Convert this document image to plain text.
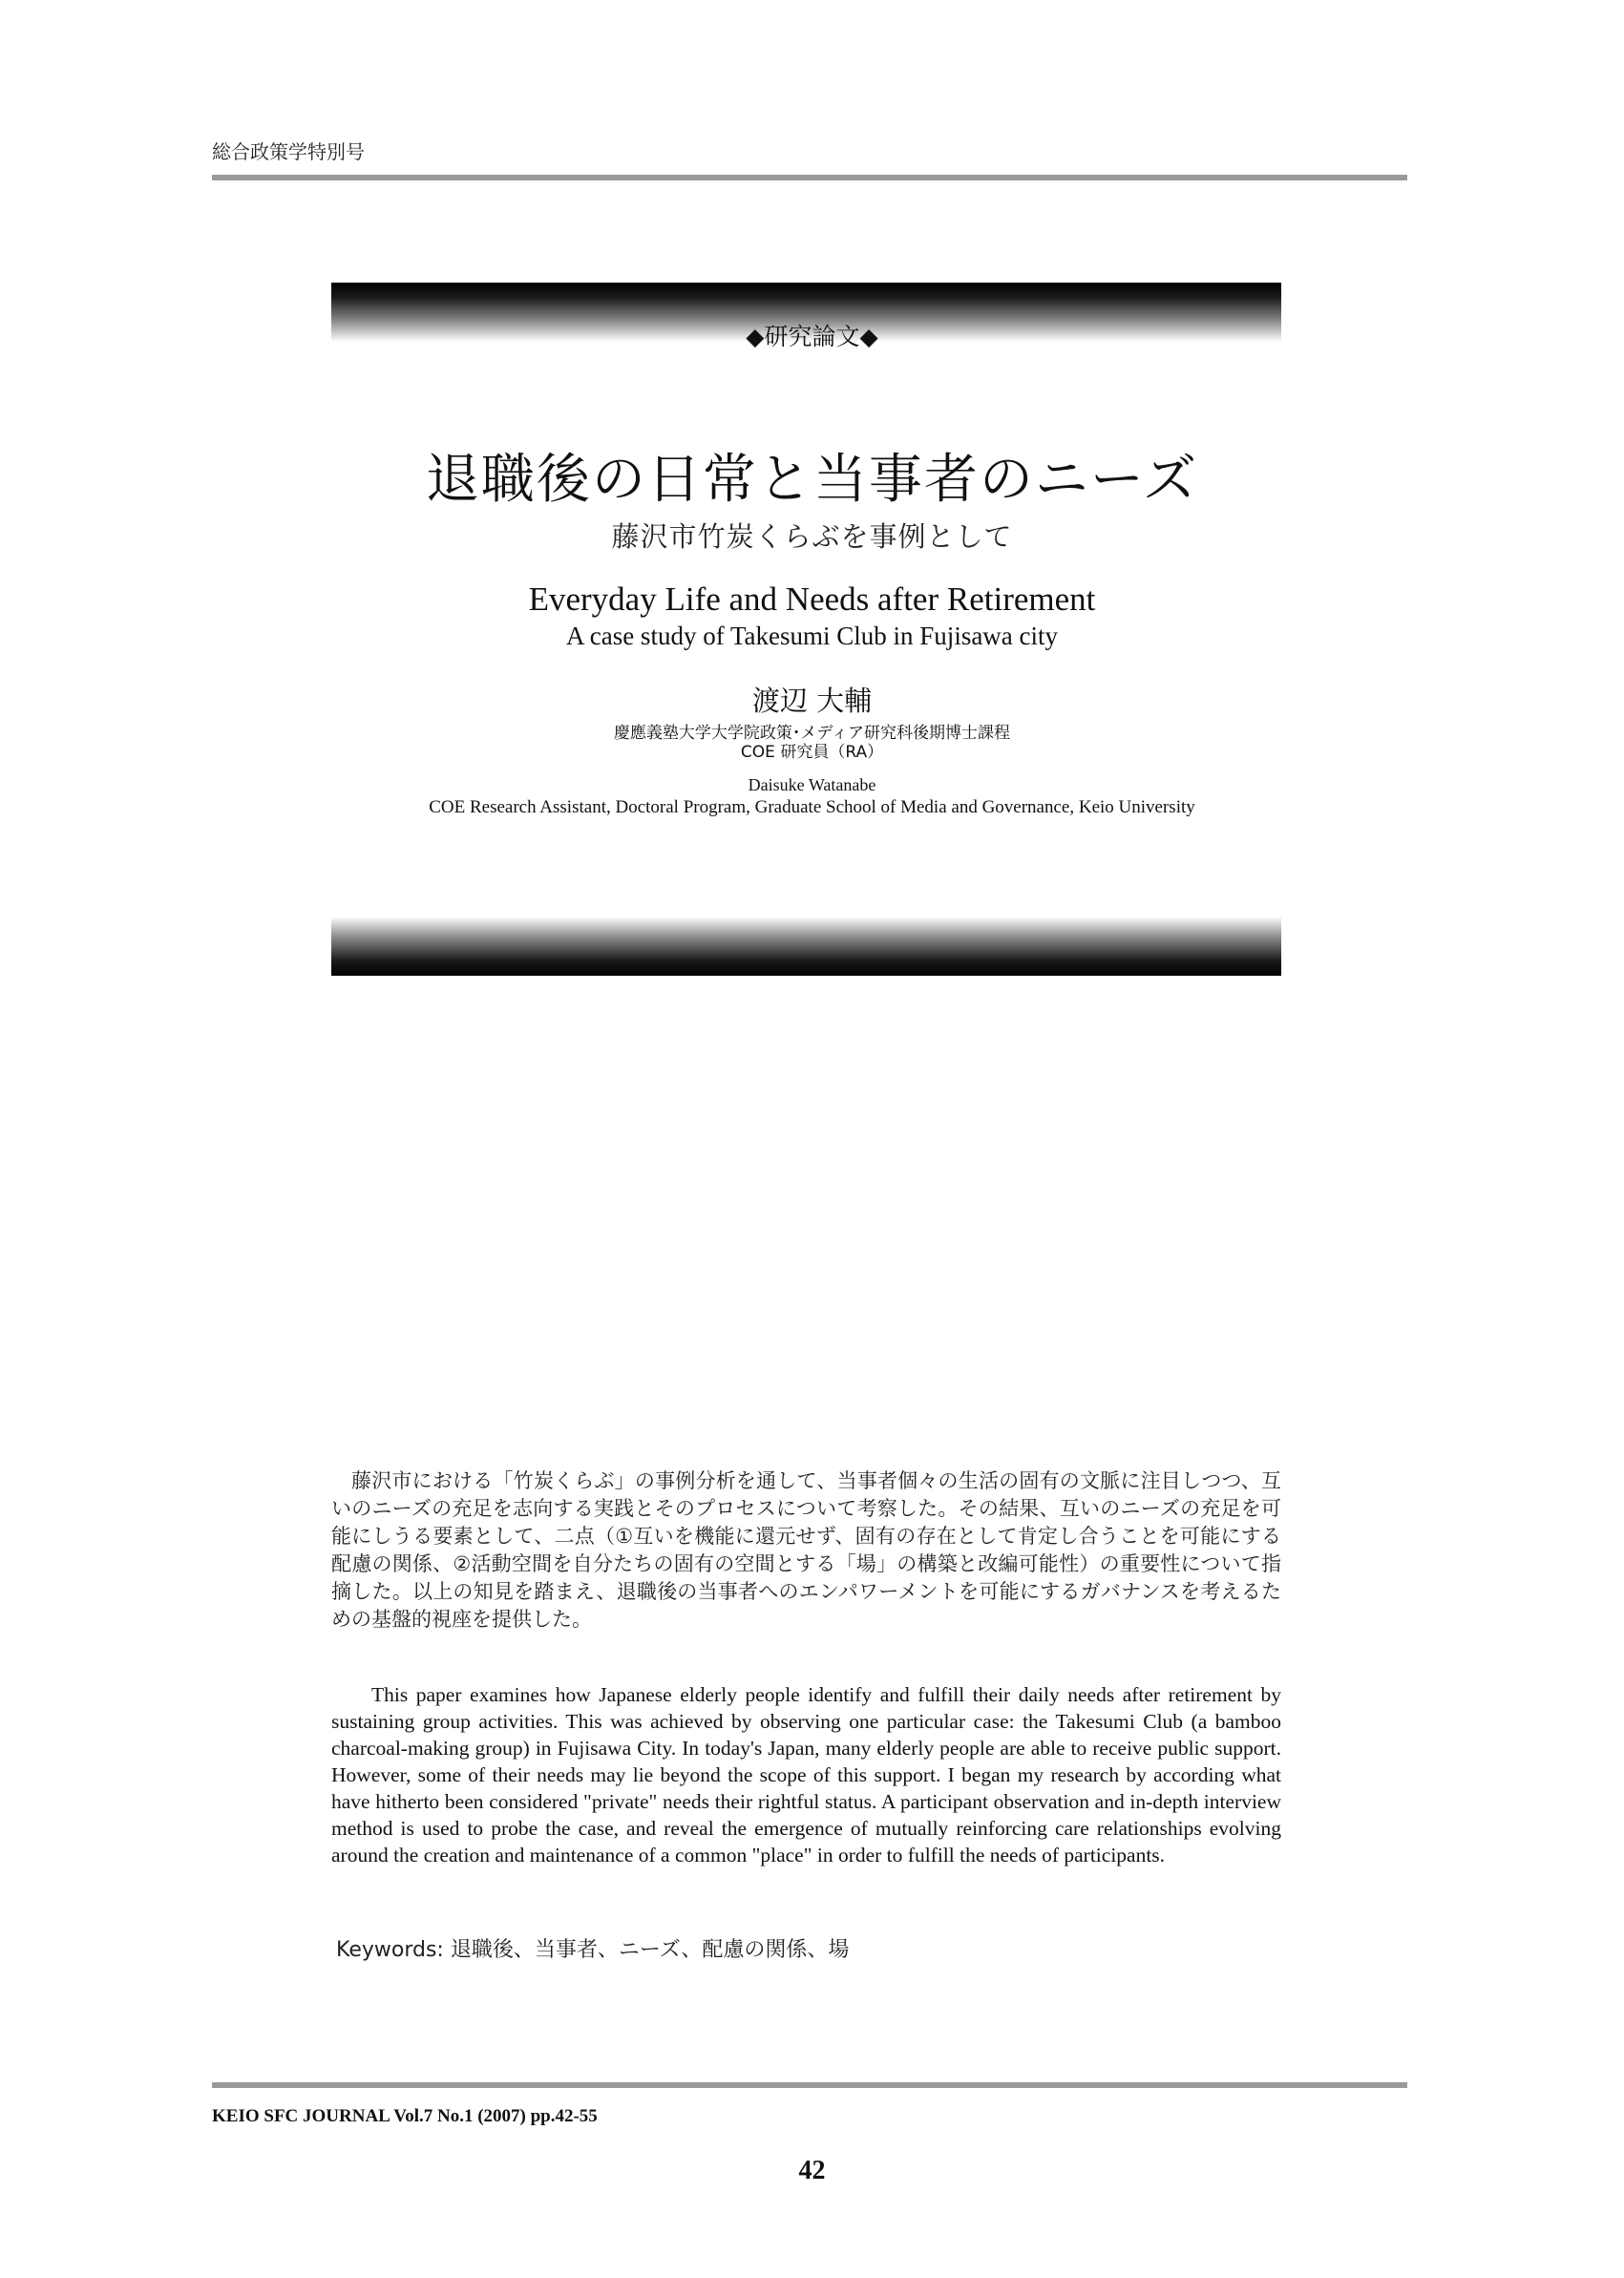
総合政策学特別号
◆研究論文◆
退職後の日常と当事者のニーズ
藤沢市竹炭くらぶを事例として
Everyday Life and Needs after Retirement
A case study of Takesumi Club in Fujisawa city
渡辺 大輔
慶應義塾大学大学院政策･メディア研究科後期博士課程
COE 研究員（RA）
Daisuke Watanabe
COE Research Assistant, Doctoral Program, Graduate School of Media and Governance, Keio University

藤沢市における「竹炭くらぶ」の事例分析を通して、当事者個々の生活の固有の文脈に注目しつつ、互いのニーズの充足を志向する実践とそのプロセスについて考察した。その結果、互いのニーズの充足を可能にしうる要素として、二点（①互いを機能に還元せず、固有の存在として肯定し合うことを可能にする配慮の関係、②活動空間を自分たちの固有の空間とする「場」の構築と改編可能性）の重要性について指摘した。以上の知見を踏まえ、退職後の当事者へのエンパワーメントを可能にするガバナンスを考えるための基盤的視座を提供した。

This paper examines how Japanese elderly people identify and fulfill their daily needs after retirement by sustaining group activities. This was achieved by observing one particular case: the Takesumi Club (a bamboo charcoal-making group) in Fujisawa City. In today's Japan, many elderly people are able to receive public support. However, some of their needs may lie beyond the scope of this support. I began my research by according what have hitherto been considered "private" needs their rightful status. A participant observation and in-depth interview method is used to probe the case, and reveal the emergence of mutually reinforcing care relationships evolving around the creation and maintenance of a common "place" in order to fulfill the needs of participants.

Keywords: 退職後、当事者、ニーズ、配慮の関係、場
KEIO SFC JOURNAL Vol.7 No.1 (2007) pp.42-55
42
